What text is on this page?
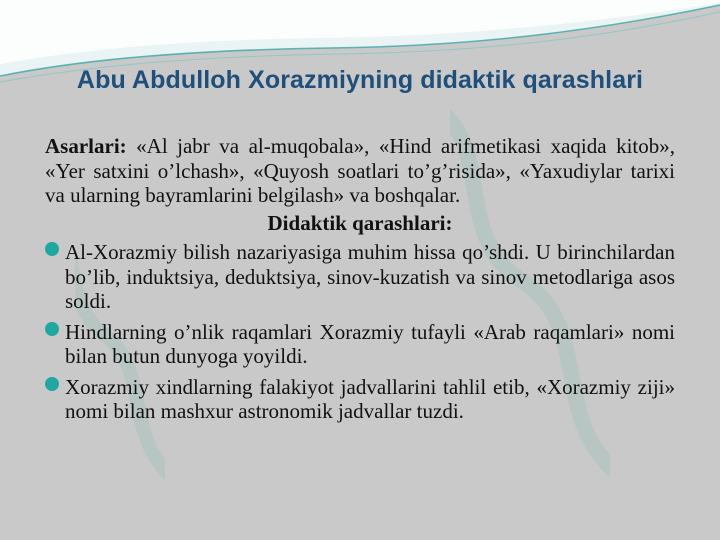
Abu Abdulloh Xorazmiyning didaktik qarashlari
Asarlari: «Al jabr va al-muqobala», «Hind arifmetikasi xaqida kitob», «Yer satxini o’lchash», «Quyosh soatlari to’g’risida», «Yaxudiylar tarixi va ularning bayramlarini belgilash» va boshqalar.
Didaktik qarashlari:
Al-Xorazmiy bilish nazariyasiga muhim hissa qo’shdi. U birinchilardan bo’lib, induktsiya, deduktsiya, sinov-kuzatish va sinov metodlariga asos soldi.
Hindlarning o’nlik raqamlari Xorazmiy tufayli «Arab raqamlari» nomi bilan butun dunyoga yoyildi.
Xorazmiy xindlarning falakiyot jadvallarini tahlil etib, «Xorazmiy ziji» nomi bilan mashxur astronomik jadvallar tuzdi.
